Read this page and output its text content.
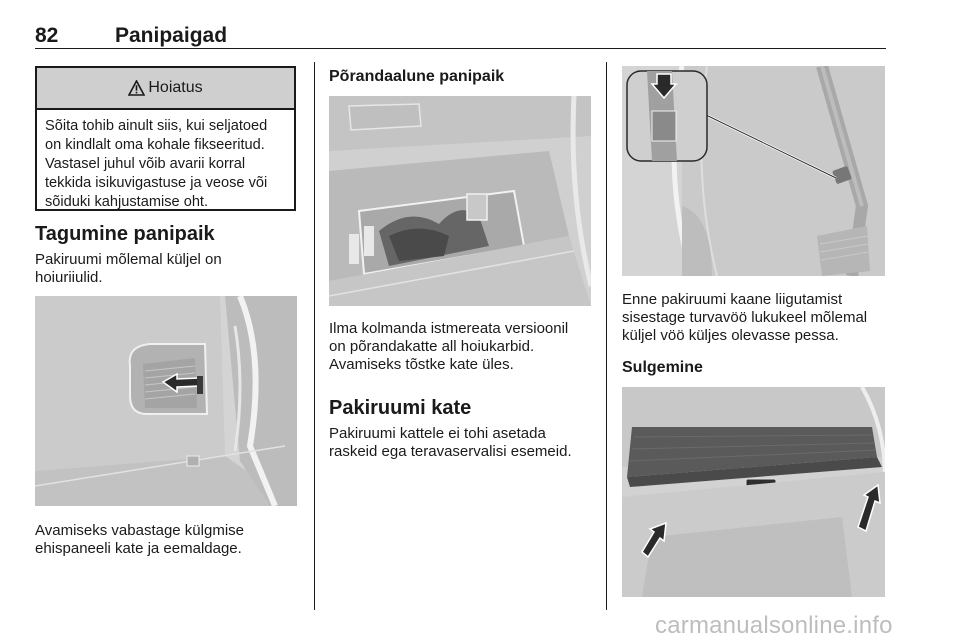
82	Panipaigad
Hoiatus
Sõita tohib ainult siis, kui seljatoed on kindlalt oma kohale fikseeritud. Vastasel juhul võib avarii korral tekkida isikuvigastuse ja veose või sõiduki kahjustamise oht.
Tagumine panipaik
Pakiruumi mõlemal küljel on
hoiuriiulid.
Avamiseks vabastage külgmise
ehispaneeli kate ja eemaldage.
Põrandaalune panipaik
Ilma kolmanda istmereata versioonil
on põrandakatte all hoiukarbid.
Avamiseks tõstke kate üles.
Pakiruumi kate
Pakiruumi kattele ei tohi asetada
raskeid ega teravaservalisi esemeid.
Enne pakiruumi kaane liigutamist
sisestage turvavöö lukukeel mõlemal
küljel vöö küljes olevasse pessa.
Sulgemine
carmanualsonline.info
